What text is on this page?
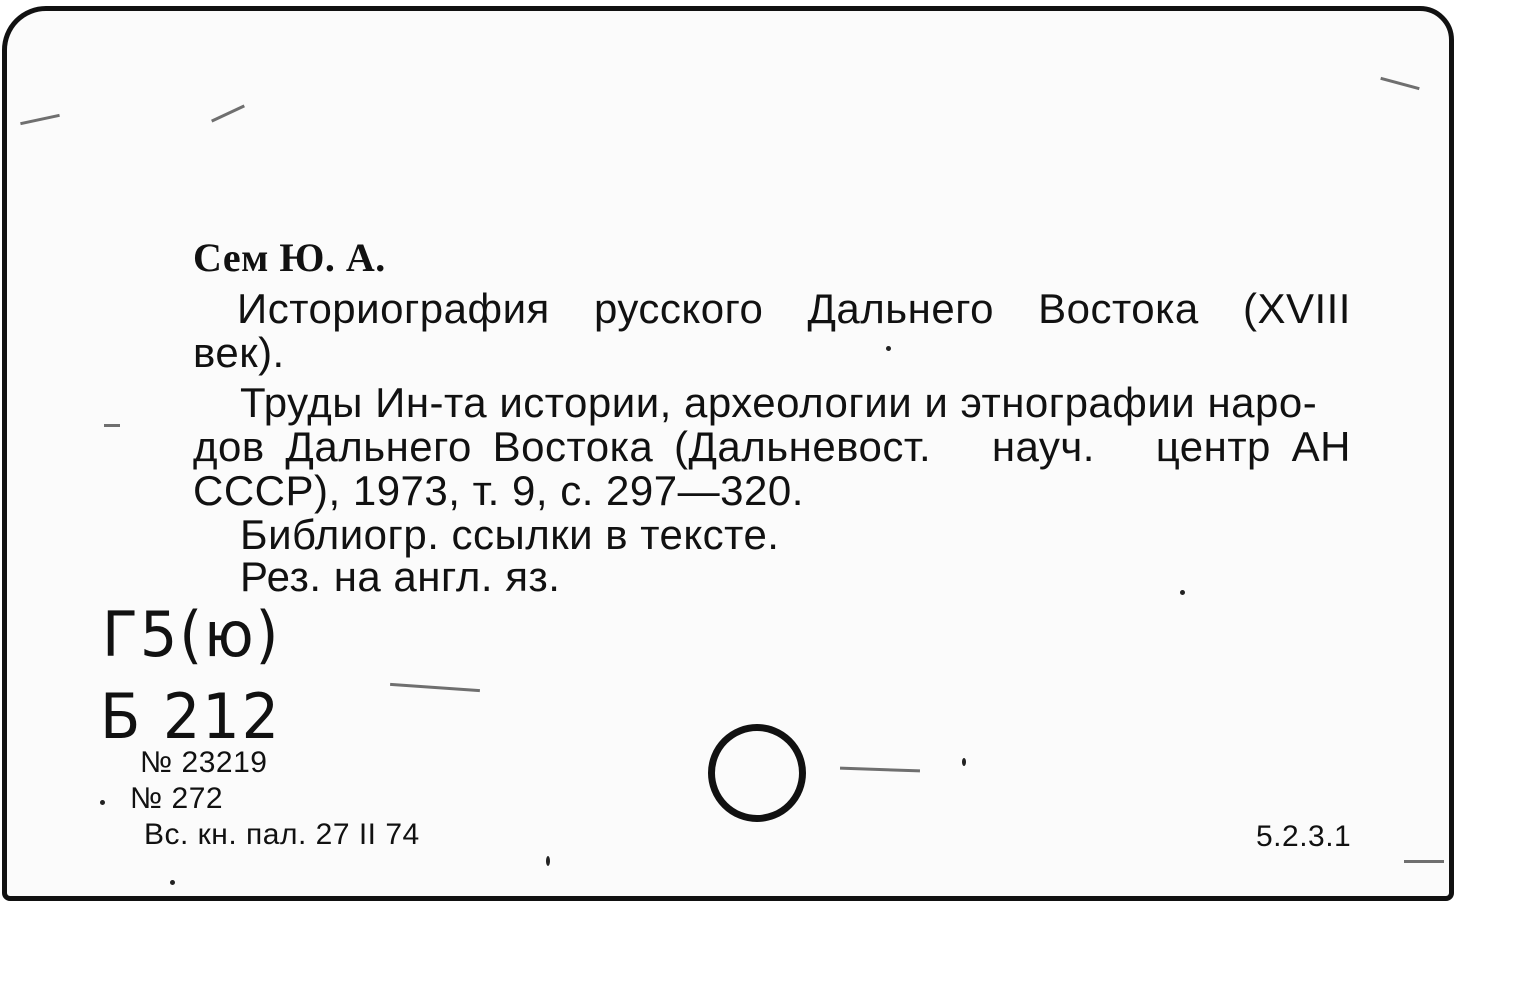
Сем Ю. А.
Историография русского Дальнего Востока (XVIII
век).
Труды Ин-та истории, археологии и этнографии наро-
дов Дальнего Востока (Дальневост. науч. центр АН
СССР), 1973, т. 9, с. 297—320.
Библиогр. ссылки в тексте.
Рез. на англ. яз.
Г5(ю)
Б 212
№ 23219
№ 272
Вс. кн. пал. 27 II 74	5.2.3.1
